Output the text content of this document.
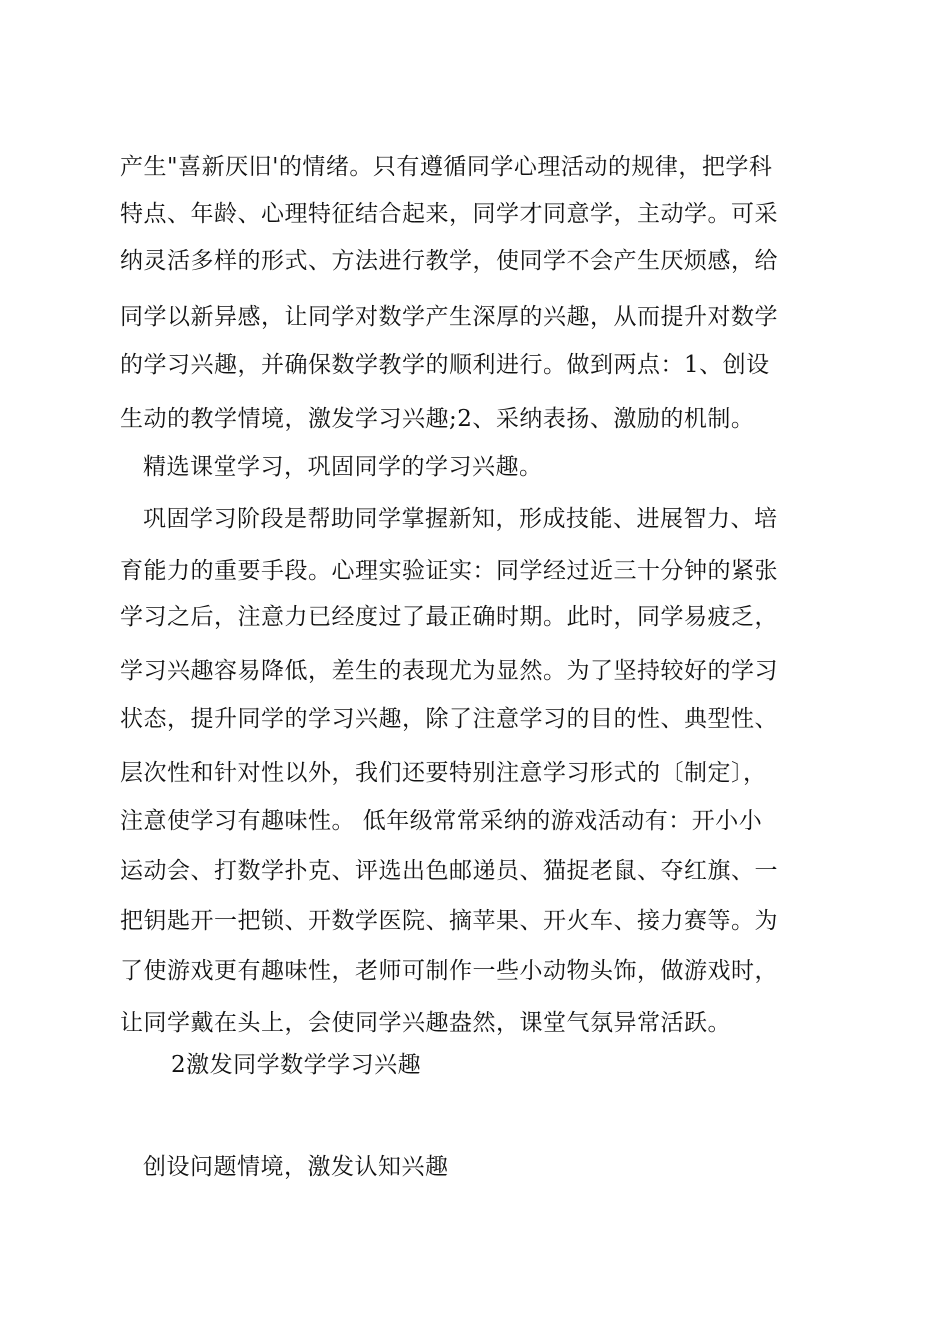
产生"喜新厌旧'的情绪。只有遵循同学心理活动的规律，把学科
特点、年龄、心理特征结合起来，同学才同意学，主动学。可采
纳灵活多样的形式、方法进行教学，使同学不会产生厌烦感，给
同学以新异感，让同学对数学产生深厚的兴趣，从而提升对数学
的学习兴趣，并确保数学教学的顺利进行。做到两点：1、创设
生动的教学情境，激发学习兴趣;2、采纳表扬、激励的机制。
精选课堂学习，巩固同学的学习兴趣。
巩固学习阶段是帮助同学掌握新知，形成技能、进展智力、培
育能力的重要手段。心理实验证实：同学经过近三十分钟的紧张
学习之后，注意力已经度过了最正确时期。此时，同学易疲乏，
学习兴趣容易降低，差生的表现尤为显然。为了坚持较好的学习
状态，提升同学的学习兴趣，除了注意学习的目的性、典型性、
层次性和针对性以外，我们还要特别注意学习形式的〔制定〕，
注意使学习有趣味性。 低年级常常采纳的游戏活动有：开小小
运动会、打数学扑克、评选出色邮递员、猫捉老鼠、夺红旗、一
把钥匙开一把锁、开数学医院、摘苹果、开火车、接力赛等。为
了使游戏更有趣味性，老师可制作一些小动物头饰，做游戏时，
让同学戴在头上，会使同学兴趣盎然，课堂气氛异常活跃。
2激发同学数学学习兴趣
创设问题情境，激发认知兴趣
